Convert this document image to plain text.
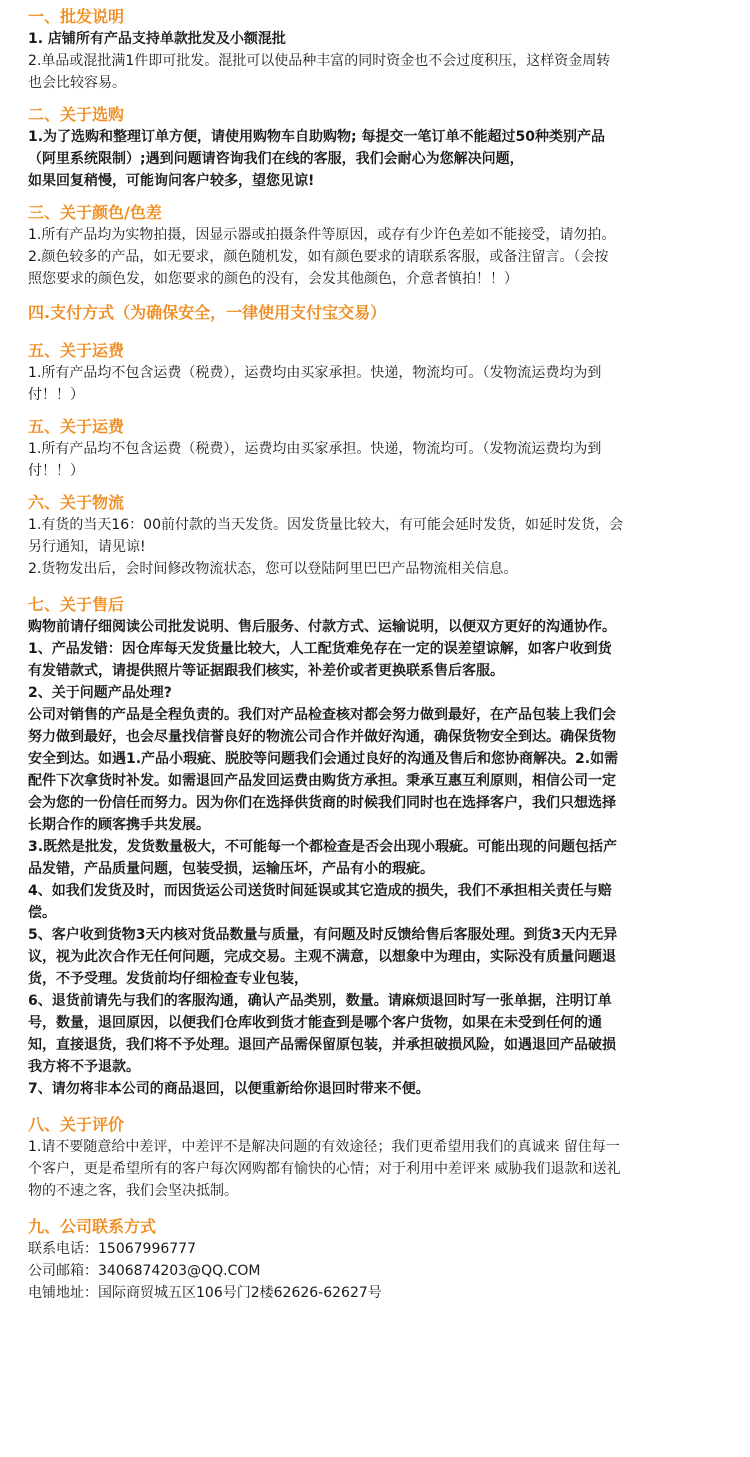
一、批发说明

1. 店铺所有产品支持单款批发及小额混批

2.单品或混批满1件即可批发。混批可以使品种丰富的同时资金也不会过度积压，这样资金周转

也会比较容易。

二、关于选购

1.为了选购和整理订单方便，请使用购物车自助购物; 每提交一笔订单不能超过50种类别产品

（阿里系统限制）;遇到问题请咨询我们在线的客服，我们会耐心为您解决问题，

如果回复稍慢，可能询问客户较多，望您见谅!

三、关于颜色/色差

1.所有产品均为实物拍摄，因显示器或拍摄条件等原因，或存有少许色差如不能接受，请勿拍。

2.颜色较多的产品，如无要求，颜色随机发，如有颜色要求的请联系客服，或备注留言。（会按

照您要求的颜色发，如您要求的颜色的没有，会发其他颜色，介意者慎拍！！）

四.支付方式（为确保安全，一律使用支付宝交易）

五、关于运费

1.所有产品均不包含运费（税费），运费均由买家承担。快递，物流均可。（发物流运费均为到

付！！）

五、关于运费

1.所有产品均不包含运费（税费），运费均由买家承担。快递，物流均可。（发物流运费均为到

付！！）

六、关于物流

1.有货的当天16：00前付款的当天发货。因发货量比较大，有可能会延时发货，如延时发货，会

另行通知，请见谅!

2.货物发出后，会时间修改物流状态，您可以登陆阿里巴巴产品物流相关信息。

七、关于售后

购物前请仔细阅读公司批发说明、售后服务、付款方式、运输说明，以便双方更好的沟通协作。

1、产品发错：因仓库每天发货量比较大，人工配货难免存在一定的误差望谅解，如客户收到货

有发错款式，请提供照片等证据跟我们核实，补差价或者更换联系售后客服。

2、关于问题产品处理?

公司对销售的产品是全程负责的。我们对产品检查核对都会努力做到最好，在产品包装上我们会

努力做到最好，也会尽量找信誉良好的物流公司合作并做好沟通，确保货物安全到达。确保货物

安全到达。如遇1.产品小瑕疵、脱胶等问题我们会通过良好的沟通及售后和您协商解决。2.如需

配件下次拿货时补发。如需退回产品发回运费由购货方承担。秉承互惠互利原则，相信公司一定

会为您的一份信任而努力。因为你们在选择供货商的时候我们同时也在选择客户，我们只想选择

长期合作的顾客携手共发展。

3.既然是批发，发货数量极大，不可能每一个都检查是否会出现小瑕疵。可能出现的问题包括产

品发错，产品质量问题，包装受损，运输压坏，产品有小的瑕疵。

4、如我们发货及时，而因货运公司送货时间延误或其它造成的损失，我们不承担相关责任与赔

偿。

5、客户收到货物3天内核对货品数量与质量，有问题及时反馈给售后客服处理。到货3天内无异

议，视为此次合作无任何问题，完成交易。主观不满意，以想象中为理由，实际没有质量问题退

货，不予受理。发货前均仔细检查专业包装，

6、退货前请先与我们的客服沟通，确认产品类别，数量。请麻烦退回时写一张单据，注明订单

号，数量，退回原因，以便我们仓库收到货才能查到是哪个客户货物，如果在未受到任何的通

知，直接退货，我们将不予处理。退回产品需保留原包装，并承担破损风险，如遇退回产品破损

我方将不予退款。

7、请勿将非本公司的商品退回，以便重新给你退回时带来不便。

八、关于评价

1.请不要随意给中差评，中差评不是解决问题的有效途径；我们更希望用我们的真诚来 留住每一

个客户，更是希望所有的客户每次网购都有愉快的心情；对于利用中差评来 威胁我们退款和送礼

物的不速之客，我们会坚决抵制。

九、公司联系方式

联系电话：15067996777

公司邮箱：3406874203@QQ.COM

电铺地址：国际商贸城五区106号门2楼62626-62627号
